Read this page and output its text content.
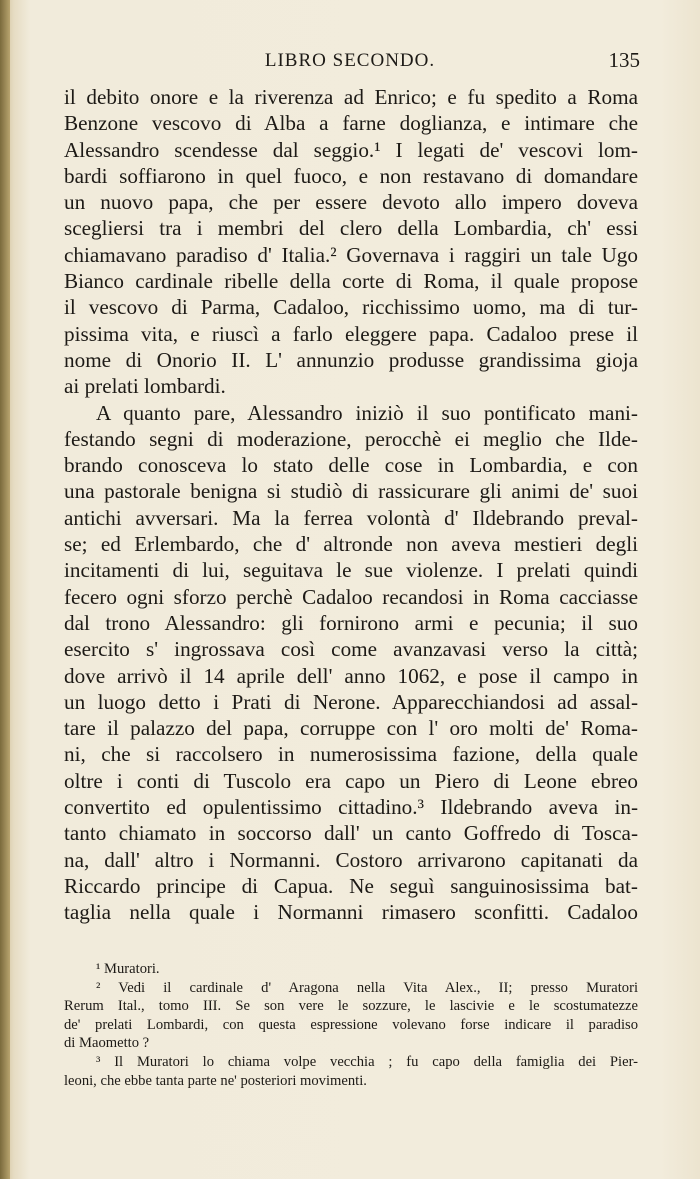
LIBRO SECONDO.	135
il debito onore e la riverenza ad Enrico; e fu spedito a Roma
Benzone vescovo di Alba a farne doglianza, e intimare che
Alessandro scendesse dal seggio.¹ I legati de' vescovi lom-
bardi soffiarono in quel fuoco, e non restavano di domandare
un nuovo papa, che per essere devoto allo impero doveva
scegliersi tra i membri del clero della Lombardia, ch' essi
chiamavano paradiso d' Italia.² Governava i raggiri un tale Ugo
Bianco cardinale ribelle della corte di Roma, il quale propose
il vescovo di Parma, Cadaloo, ricchissimo uomo, ma di tur-
pissima vita, e riuscì a farlo eleggere papa. Cadaloo prese il
nome di Onorio II. L' annunzio produsse grandissima gioja
ai prelati lombardi.
A quanto pare, Alessandro iniziò il suo pontificato mani-
festando segni di moderazione, perocchè ei meglio che Ilde-
brando conosceva lo stato delle cose in Lombardia, e con
una pastorale benigna si studiò di rassicurare gli animi de' suoi
antichi avversari. Ma la ferrea volontà d' Ildebrando preval-
se; ed Erlembardo, che d' altronde non aveva mestieri degli
incitamenti di lui, seguitava le sue violenze. I prelati quindi
fecero ogni sforzo perchè Cadaloo recandosi in Roma cacciasse
dal trono Alessandro: gli fornirono armi e pecunia; il suo
esercito s' ingrossava così come avanzavasi verso la città;
dove arrivò il 14 aprile dell' anno 1062, e pose il campo in
un luogo detto i Prati di Nerone. Apparecchiandosi ad assal-
tare il palazzo del papa, corruppe con l' oro molti de' Roma-
ni, che si raccolsero in numerosissima fazione, della quale
oltre i conti di Tuscolo era capo un Piero di Leone ebreo
convertito ed opulentissimo cittadino.³ Ildebrando aveva in-
tanto chiamato in soccorso dall' un canto Goffredo di Tosca-
na, dall' altro i Normanni. Costoro arrivarono capitanati da
Riccardo principe di Capua. Ne seguì sanguinosissima bat-
taglia nella quale i Normanni rimasero sconfitti. Cadaloo
¹ Muratori.
² Vedi il cardinale d' Aragona nella Vita Alex., II; presso Muratori
Rerum Ital., tomo III. Se son vere le sozzure, le lascivie e le scostumatezze
de' prelati Lombardi, con questa espressione volevano forse indicare il paradiso
di Maometto ?
³ Il Muratori lo chiama volpe vecchia ; fu capo della famiglia dei Pier-
leoni, che ebbe tanta parte ne' posteriori movimenti.
